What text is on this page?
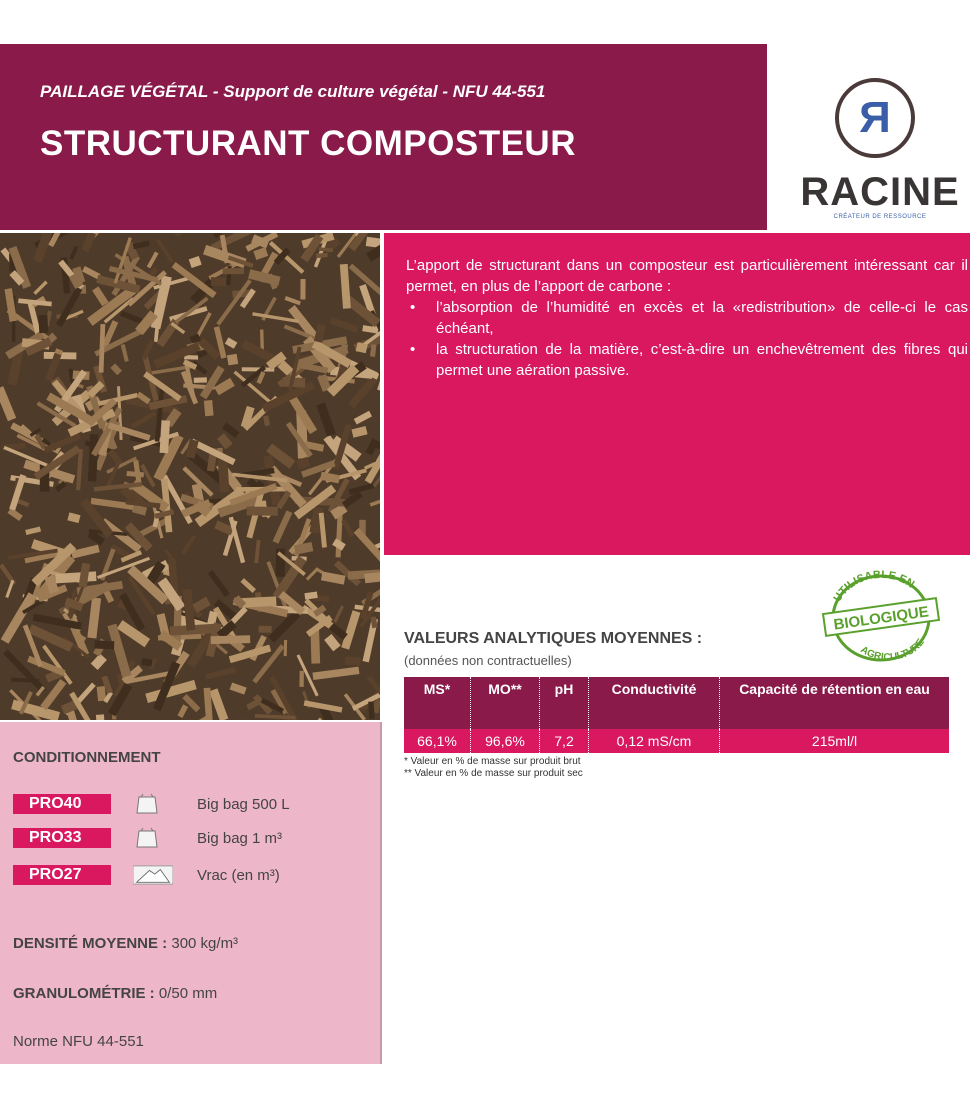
PAILLAGE VÉGÉTAL - Support de culture végétal - NFU 44-551
STRUCTURANT COMPOSTEUR
R
RACINE
CRÉATEUR DE RESSOURCE
L’apport de structurant dans un composteur est particulièrement intéressant car il permet, en plus de l’apport de carbone :
• l’absorption de l’humidité en excès et la «redistribution» de celle-ci le cas échéant,
• la structuration de la matière, c’est-à-dire un enchevêtrement des fibres qui permet une aération passive.
UTILISABLE EN
BIOLOGIQUE
AGRICULTURE
VALEURS ANALYTIQUES MOYENNES :
(données non contractuelles)
MS*	MO**	pH	Conductivité	Capacité de rétention en eau
66,1%	96,6%	7,2	0,12 mS/cm	215ml/l
* Valeur en % de masse sur produit brut
** Valeur en % de masse sur produit sec
CONDITIONNEMENT
PRO40	Big bag 500 L
PRO33	Big bag 1 m³
PRO27	Vrac (en m³)
DENSITÉ MOYENNE : 300 kg/m³
GRANULOMÉTRIE : 0/50 mm
Norme NFU 44-551
